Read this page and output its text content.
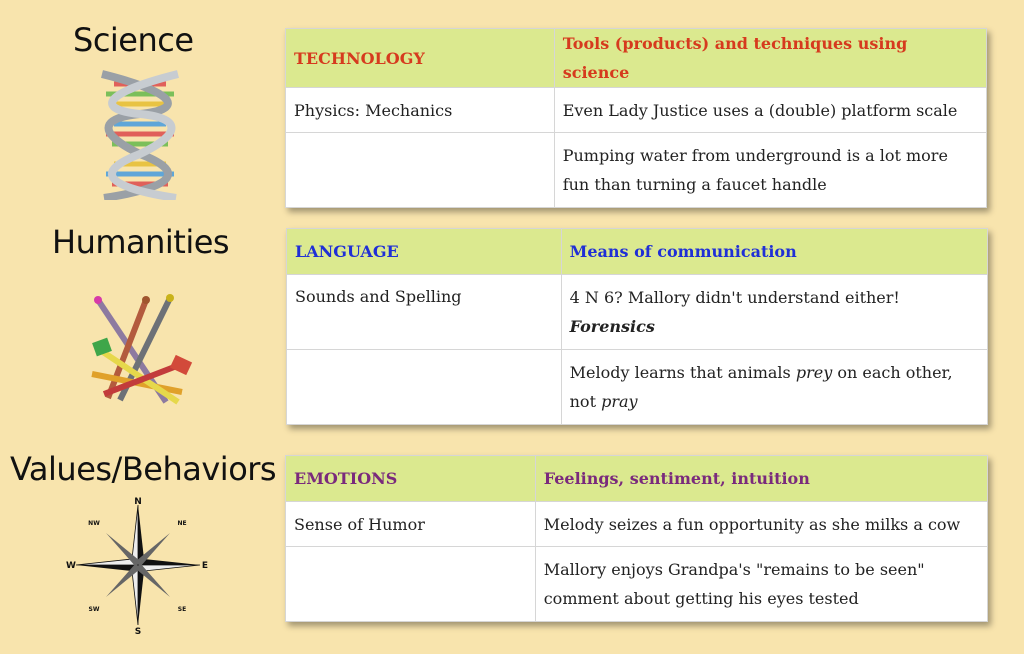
Science
Humanities
Values/Behaviors
N
S
E
W
NW	NE
SW	SE
TECHNOLOGY	Tools (products) and techniques using science
Physics: Mechanics	Even Lady Justice uses a (double) platform scale
	Pumping water from underground is a lot more fun than turning a faucet handle
LANGUAGE	Means of communication
Sounds and Spelling	4 N 6? Mallory didn't understand either!
Forensics
	Melody learns that animals prey on each other, not pray
EMOTIONS	Feelings, sentiment, intuition
Sense of Humor	Melody seizes a fun opportunity as she milks a cow
	Mallory enjoys Grandpa's "remains to be seen" comment about getting his eyes tested
